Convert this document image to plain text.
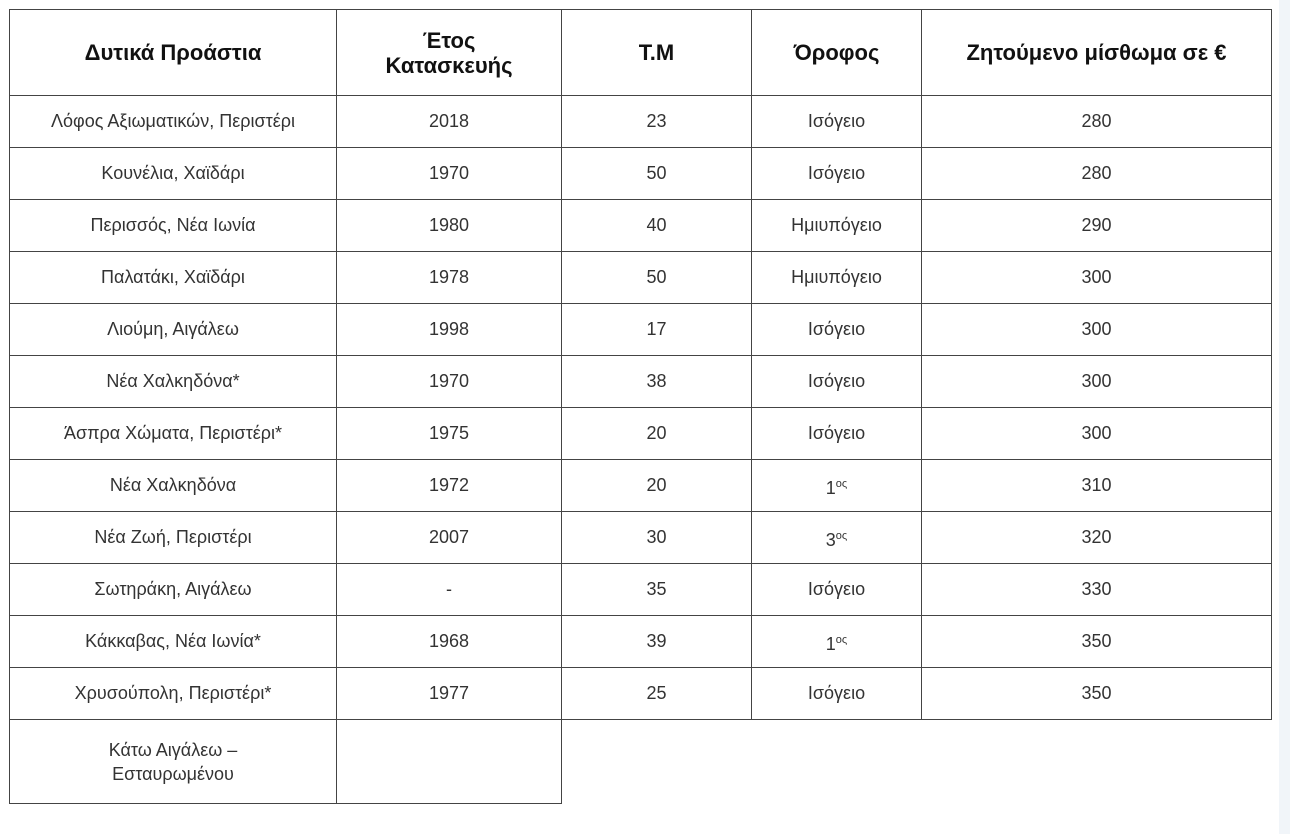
Δυτικά Προάστια	Έτος Κατασκευής	Τ.Μ	Όροφος	Ζητούμενο μίσθωμα σε €
Λόφος Αξιωματικών, Περιστέρι	2018	23	Ισόγειο	280
Κουνέλια, Χαϊδάρι	1970	50	Ισόγειο	280
Περισσός, Νέα Ιωνία	1980	40	Ημιυπόγειο	290
Παλατάκι, Χαϊδάρι	1978	50	Ημιυπόγειο	300
Λιούμη, Αιγάλεω	1998	17	Ισόγειο	300
Νέα Χαλκηδόνα*	1970	38	Ισόγειο	300
Άσπρα Χώματα, Περιστέρι*	1975	20	Ισόγειο	300
Νέα Χαλκηδόνα	1972	20	$1^{o\varsigma}$	310
Νέα Ζωή, Περιστέρι	2007	30	$3^{o\varsigma}$	320
Σωτηράκη, Αιγάλεω	-	35	Ισόγειο	330
Κάκκαβας, Νέα Ιωνία*	1968	39	$1^{o\varsigma}$	350
Χρυσούπολη, Περιστέρι*	1977	25	Ισόγειο	350
Κάτω Αιγάλεω – Εσταυρωμένου				
